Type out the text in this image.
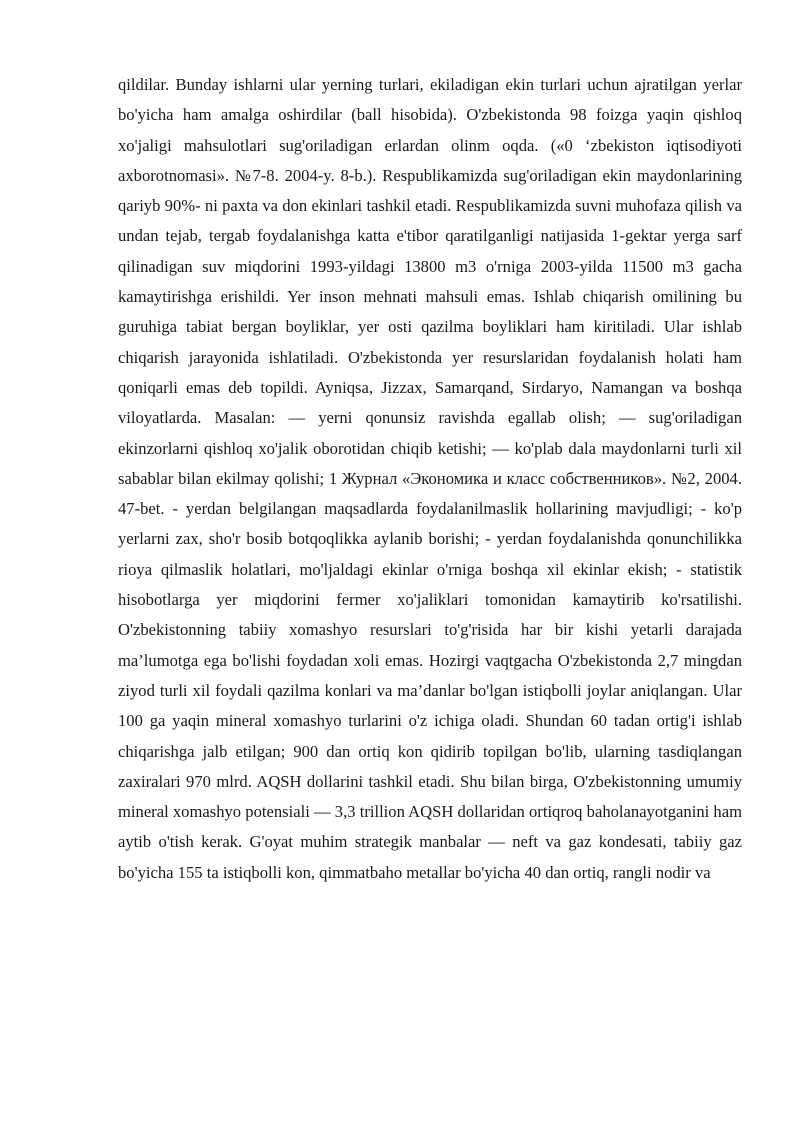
qildilar. Bunday ishlarni ular yerning turlari, ekiladigan ekin turlari uchun ajratilgan yerlar bo'yicha ham amalga oshirdilar (ball hisobida). O'zbekistonda 98 foizga yaqin qishloq xo'jaligi mahsulotlari sug'oriladigan erlardan olinm oqda. («0 ‘zbekiston iqtisodiyoti axborotnomasi». №7-8. 2004-y. 8-b.). Respublikamizda sug'oriladigan ekin maydonlarining qariyb 90%- ni paxta va don ekinlari tashkil etadi. Respublikamizda suvni muhofaza qilish va undan tejab, tergab foydalanishga katta e'tibor qaratilganligi natijasida 1-gektar yerga sarf qilinadigan suv miqdorini 1993-yildagi 13800 m3 o'rniga 2003-yilda 11500 m3 gacha kamaytirishga erishildi. Yer inson mehnati mahsuli emas. Ishlab chiqarish omilining bu guruhiga tabiat bergan boyliklar, yer osti qazilma boyliklari ham kiritiladi. Ular ishlab chiqarish jarayonida ishlatiladi. O'zbekistonda yer resurslaridan foydalanish holati ham qoniqarli emas deb topildi. Ayniqsa, Jizzax, Samarqand, Sirdaryo, Namangan va boshqa viloyatlarda. Masalan: — yerni qonunsiz ravishda egallab olish; — sug'oriladigan ekinzorlarni qishloq xo'jalik oborotidan chiqib ketishi; — ko'plab dala maydonlarni turli xil sabablar bilan ekilmay qolishi; 1 Журнал «Экономика и класс собственников». №2, 2004. 47-bet. - yerdan belgilangan maqsadlarda foydalanilmaslik hollarining mavjudligi; - ko'p yerlarni zax, sho'r bosib botqoqlikka aylanib borishi; - yerdan foydalanishda qonunchilikka rioya qilmaslik holatlari, mo'ljaldagi ekinlar o'rniga boshqa xil ekinlar ekish; - statistik hisobotlarga yer miqdorini fermer xo'jaliklari tomonidan kamaytirib ko'rsatilishi. O'zbekistonning tabiiy xomashyo resurslari to'g'risida har bir kishi yetarli darajada ma’lumotga ega bo'lishi foydadan xoli emas. Hozirgi vaqtgacha O'zbekistonda 2,7 mingdan ziyod turli xil foydali qazilma konlari va ma’danlar bo'lgan istiqbolli joylar aniqlangan. Ular 100 ga yaqin mineral xomashyo turlarini o'z ichiga oladi. Shundan 60 tadan ortig'i ishlab chiqarishga jalb etilgan; 900 dan ortiq kon qidirib topilgan bo'lib, ularning tasdiqlangan zaxiralari 970 mlrd. AQSH dollarini tashkil etadi. Shu bilan birga, O'zbekistonning umumiy mineral xomashyo potensiali — 3,3 trillion AQSH dollaridan ortiqroq baholanayotganini ham aytib o'tish kerak. G'oyat muhim strategik manbalar — neft va gaz kondesati, tabiiy gaz bo'yicha 155 ta istiqbolli kon, qimmatbaho metallar bo'yicha 40 dan ortiq, rangli nodir va
